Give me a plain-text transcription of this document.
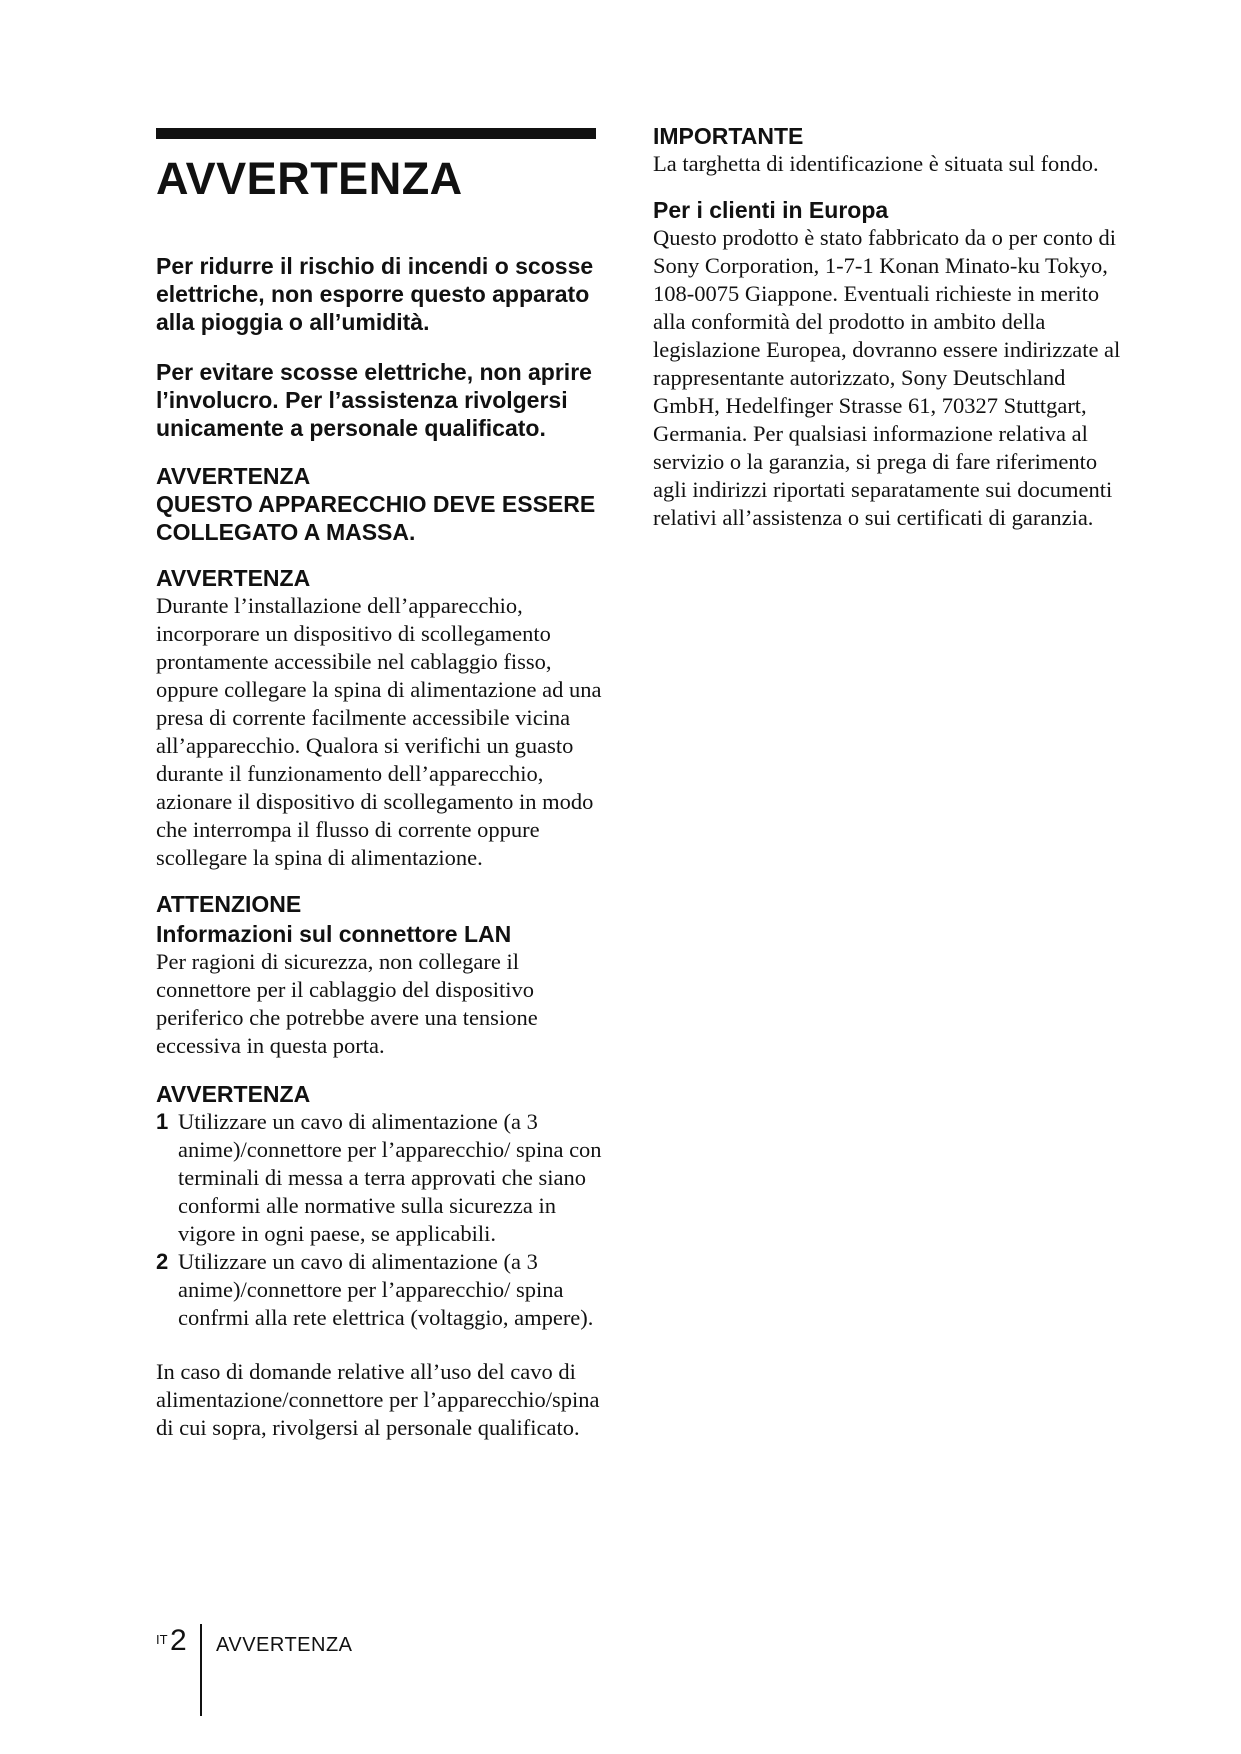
AVVERTENZA

Per ridurre il rischio di incendi o scosse elettriche, non esporre questo apparato alla pioggia o all’umidità.

Per evitare scosse elettriche, non aprire l’involucro. Per l’assistenza rivolgersi unicamente a personale qualificato.

AVVERTENZA

QUESTO APPARECCHIO DEVE ESSERE COLLEGATO A MASSA.

AVVERTENZA

Durante l’installazione dell’apparecchio, incorporare un dispositivo di scollegamento prontamente accessibile nel cablaggio fisso, oppure collegare la spina di alimentazione ad una presa di corrente facilmente accessibile vicina all’apparecchio. Qualora si verifichi un guasto durante il funzionamento dell’apparecchio, azionare il dispositivo di scollegamento in modo che interrompa il flusso di corrente oppure scollegare la spina di alimentazione.

ATTENZIONE

Informazioni sul connettore LAN

Per ragioni di sicurezza, non collegare il connettore per il cablaggio del dispositivo periferico che potrebbe avere una tensione eccessiva in questa porta.

AVVERTENZA

1 Utilizzare un cavo di alimentazione (a 3 anime)/connettore per l’apparecchio/ spina con terminali di messa a terra approvati che siano conformi alle normative sulla sicurezza in vigore in ogni paese, se applicabili.
2 Utilizzare un cavo di alimentazione (a 3 anime)/connettore per l’apparecchio/ spina confrmi alla rete elettrica (voltaggio, ampere).

In caso di domande relative all’uso del cavo di alimentazione/connettore per l’apparecchio/spina di cui sopra, rivolgersi al personale qualificato.

IMPORTANTE

La targhetta di identificazione è situata sul fondo.

Per i clienti in Europa

Questo prodotto è stato fabbricato da o per conto di Sony Corporation, 1-7-1 Konan Minato-ku Tokyo, 108-0075 Giappone. Eventuali richieste in merito alla conformità del prodotto in ambito della legislazione Europea, dovranno essere indirizzate al rappresentante autorizzato, Sony Deutschland GmbH, Hedelfinger Strasse 61, 70327 Stuttgart, Germania. Per qualsiasi informazione relativa al servizio o la garanzia, si prega di fare riferimento agli indirizzi riportati separatamente sui documenti relativi all’assistenza o sui certificati di garanzia.

IT 2 AVVERTENZA
